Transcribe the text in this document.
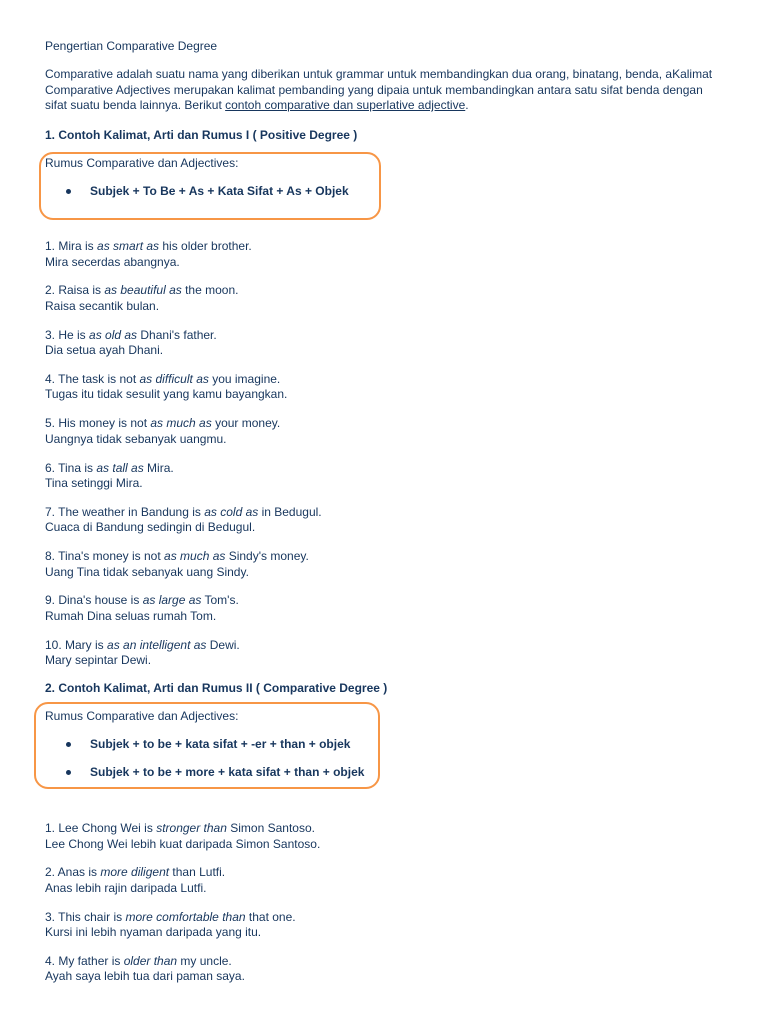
Pengertian Comparative Degree
Comparative adalah suatu nama yang diberikan untuk grammar untuk membandingkan dua orang, binatang, benda, aKalimat Comparative Adjectives merupakan kalimat pembanding yang dipaia untuk membandingkan antara satu sifat benda dengan sifat suatu benda lainnya. Berikut contoh comparative dan superlative adjective.
1. Contoh Kalimat, Arti dan Rumus I ( Positive Degree )
Rumus Comparative dan Adjectives:
Subjek + To Be + As + Kata Sifat + As + Objek
1. Mira is as smart as his older brother.
Mira secerdas abangnya.
2. Raisa is as beautiful as the moon.
Raisa secantik bulan.
3. He is as old as Dhani's father.
Dia setua ayah Dhani.
4. The task is not as difficult as you imagine.
Tugas itu tidak sesulit yang kamu bayangkan.
5. His money is not as much as your money.
Uangnya tidak sebanyak uangmu.
6. Tina is as tall as Mira.
Tina setinggi Mira.
7. The weather in Bandung is as cold as in Bedugul.
Cuaca di Bandung sedingin di Bedugul.
8. Tina's money is not as much as Sindy's money.
Uang Tina tidak sebanyak uang Sindy.
9. Dina's house is as large as Tom's.
Rumah Dina seluas rumah Tom.
10. Mary is as an intelligent as Dewi.
Mary sepintar Dewi.
2. Contoh Kalimat, Arti dan Rumus II ( Comparative Degree )
Rumus Comparative dan Adjectives:
Subjek + to be + kata sifat + -er + than + objek
Subjek + to be + more + kata sifat + than + objek
1. Lee Chong Wei is stronger than Simon Santoso.
Lee Chong Wei lebih kuat daripada Simon Santoso.
2. Anas is more diligent than Lutfi.
Anas lebih rajin daripada Lutfi.
3. This chair is more comfortable than that one.
Kursi ini lebih nyaman daripada yang itu.
4. My father is older than my uncle.
Ayah saya lebih tua dari paman saya.
